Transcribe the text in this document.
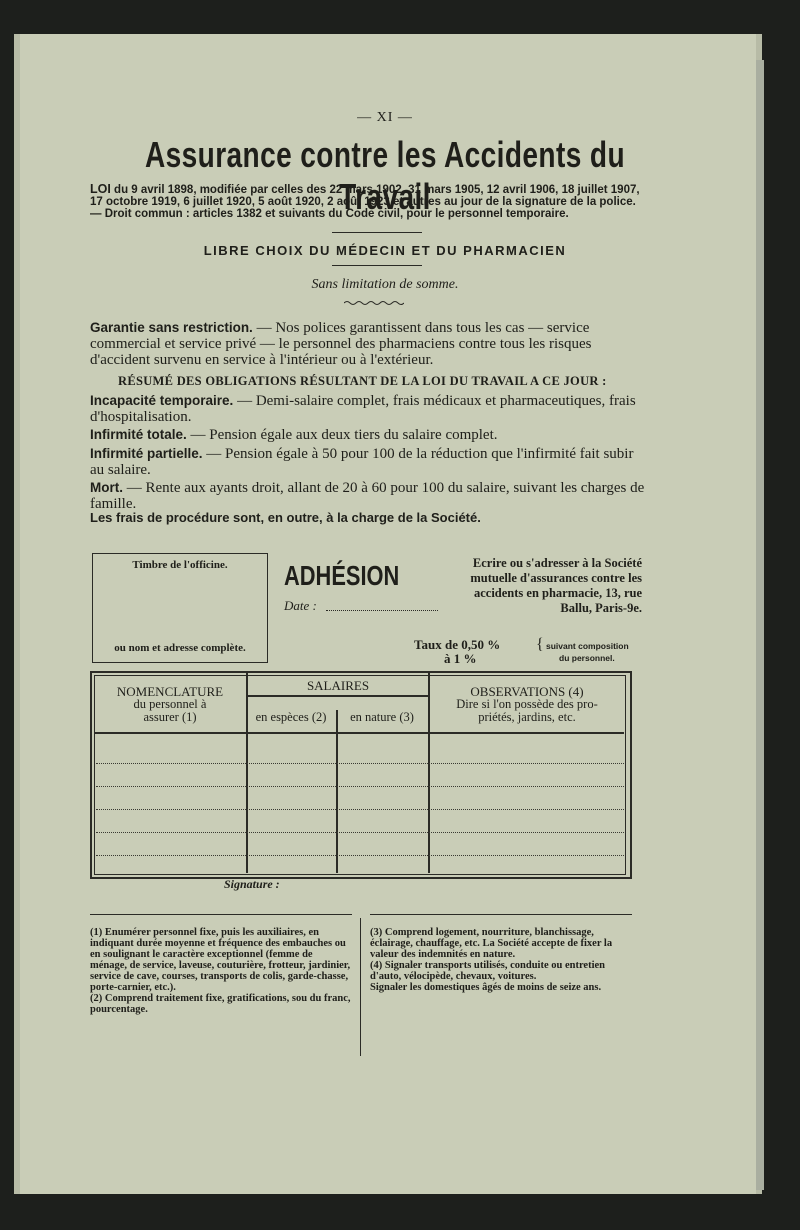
— XI —
Assurance contre les Accidents du Travail
LOI du 9 avril 1898, modifiée par celles des 22 mars 1902, 31 mars 1905, 12 avril 1906, 18 juillet 1907, 17 octobre 1919, 6 juillet 1920, 5 août 1920, 2 août 1923 et autres au jour de la signature de la police. — Droit commun : articles 1382 et suivants du Code civil, pour le personnel temporaire.
LIBRE CHOIX DU MÉDECIN ET DU PHARMACIEN
Sans limitation de somme.
Garantie sans restriction. — Nos polices garantissent dans tous les cas — service commercial et service privé — le personnel des pharmaciens contre tous les risques d'accident survenu en service à l'intérieur ou à l'extérieur.
RÉSUMÉ DES OBLIGATIONS RÉSULTANT DE LA LOI DU TRAVAIL A CE JOUR :
Incapacité temporaire. — Demi-salaire complet, frais médicaux et pharmaceutiques, frais d'hospitalisation.
Infirmité totale. — Pension égale aux deux tiers du salaire complet.
Infirmité partielle. — Pension égale à 50 pour 100 de la réduction que l'infirmité fait subir au salaire.
Mort. — Rente aux ayants droit, allant de 20 à 60 pour 100 du salaire, suivant les charges de famille.
Les frais de procédure sont, en outre, à la charge de la Société.
Timbre de l'officine.
ou nom et adresse complète.
ADHÉSION
Date :
Ecrire ou s'adresser à la Société mutuelle d'assurances contre les accidents en pharmacie, 13, rue Ballu, Paris-9e.
Taux de 0,50 %
à 1 %
{ suivant composition
du personnel.
NOMENCLATURE
du personnel à
assurer (1)
SALAIRES
en espèces (2)	en nature (3)
OBSERVATIONS (4)
Dire si l'on possède des pro-
priétés, jardins, etc.
Signature :
(1) Enumérer personnel fixe, puis les auxiliaires, en indiquant durée moyenne et fréquence des embauches ou en soulignant le caractère exceptionnel (femme de ménage, de service, laveuse, couturière, frotteur, jardinier, service de cave, courses, transports de colis, garde-chasse, porte-carnier, etc.).
(2) Comprend traitement fixe, gratifications, sou du franc, pourcentage.
(3) Comprend logement, nourriture, blanchissage, éclairage, chauffage, etc. La Société accepte de fixer la valeur des indemnités en nature.
(4) Signaler transports utilisés, conduite ou entretien d'auto, vélocipède, chevaux, voitures.
Signaler les domestiques âgés de moins de seize ans.
